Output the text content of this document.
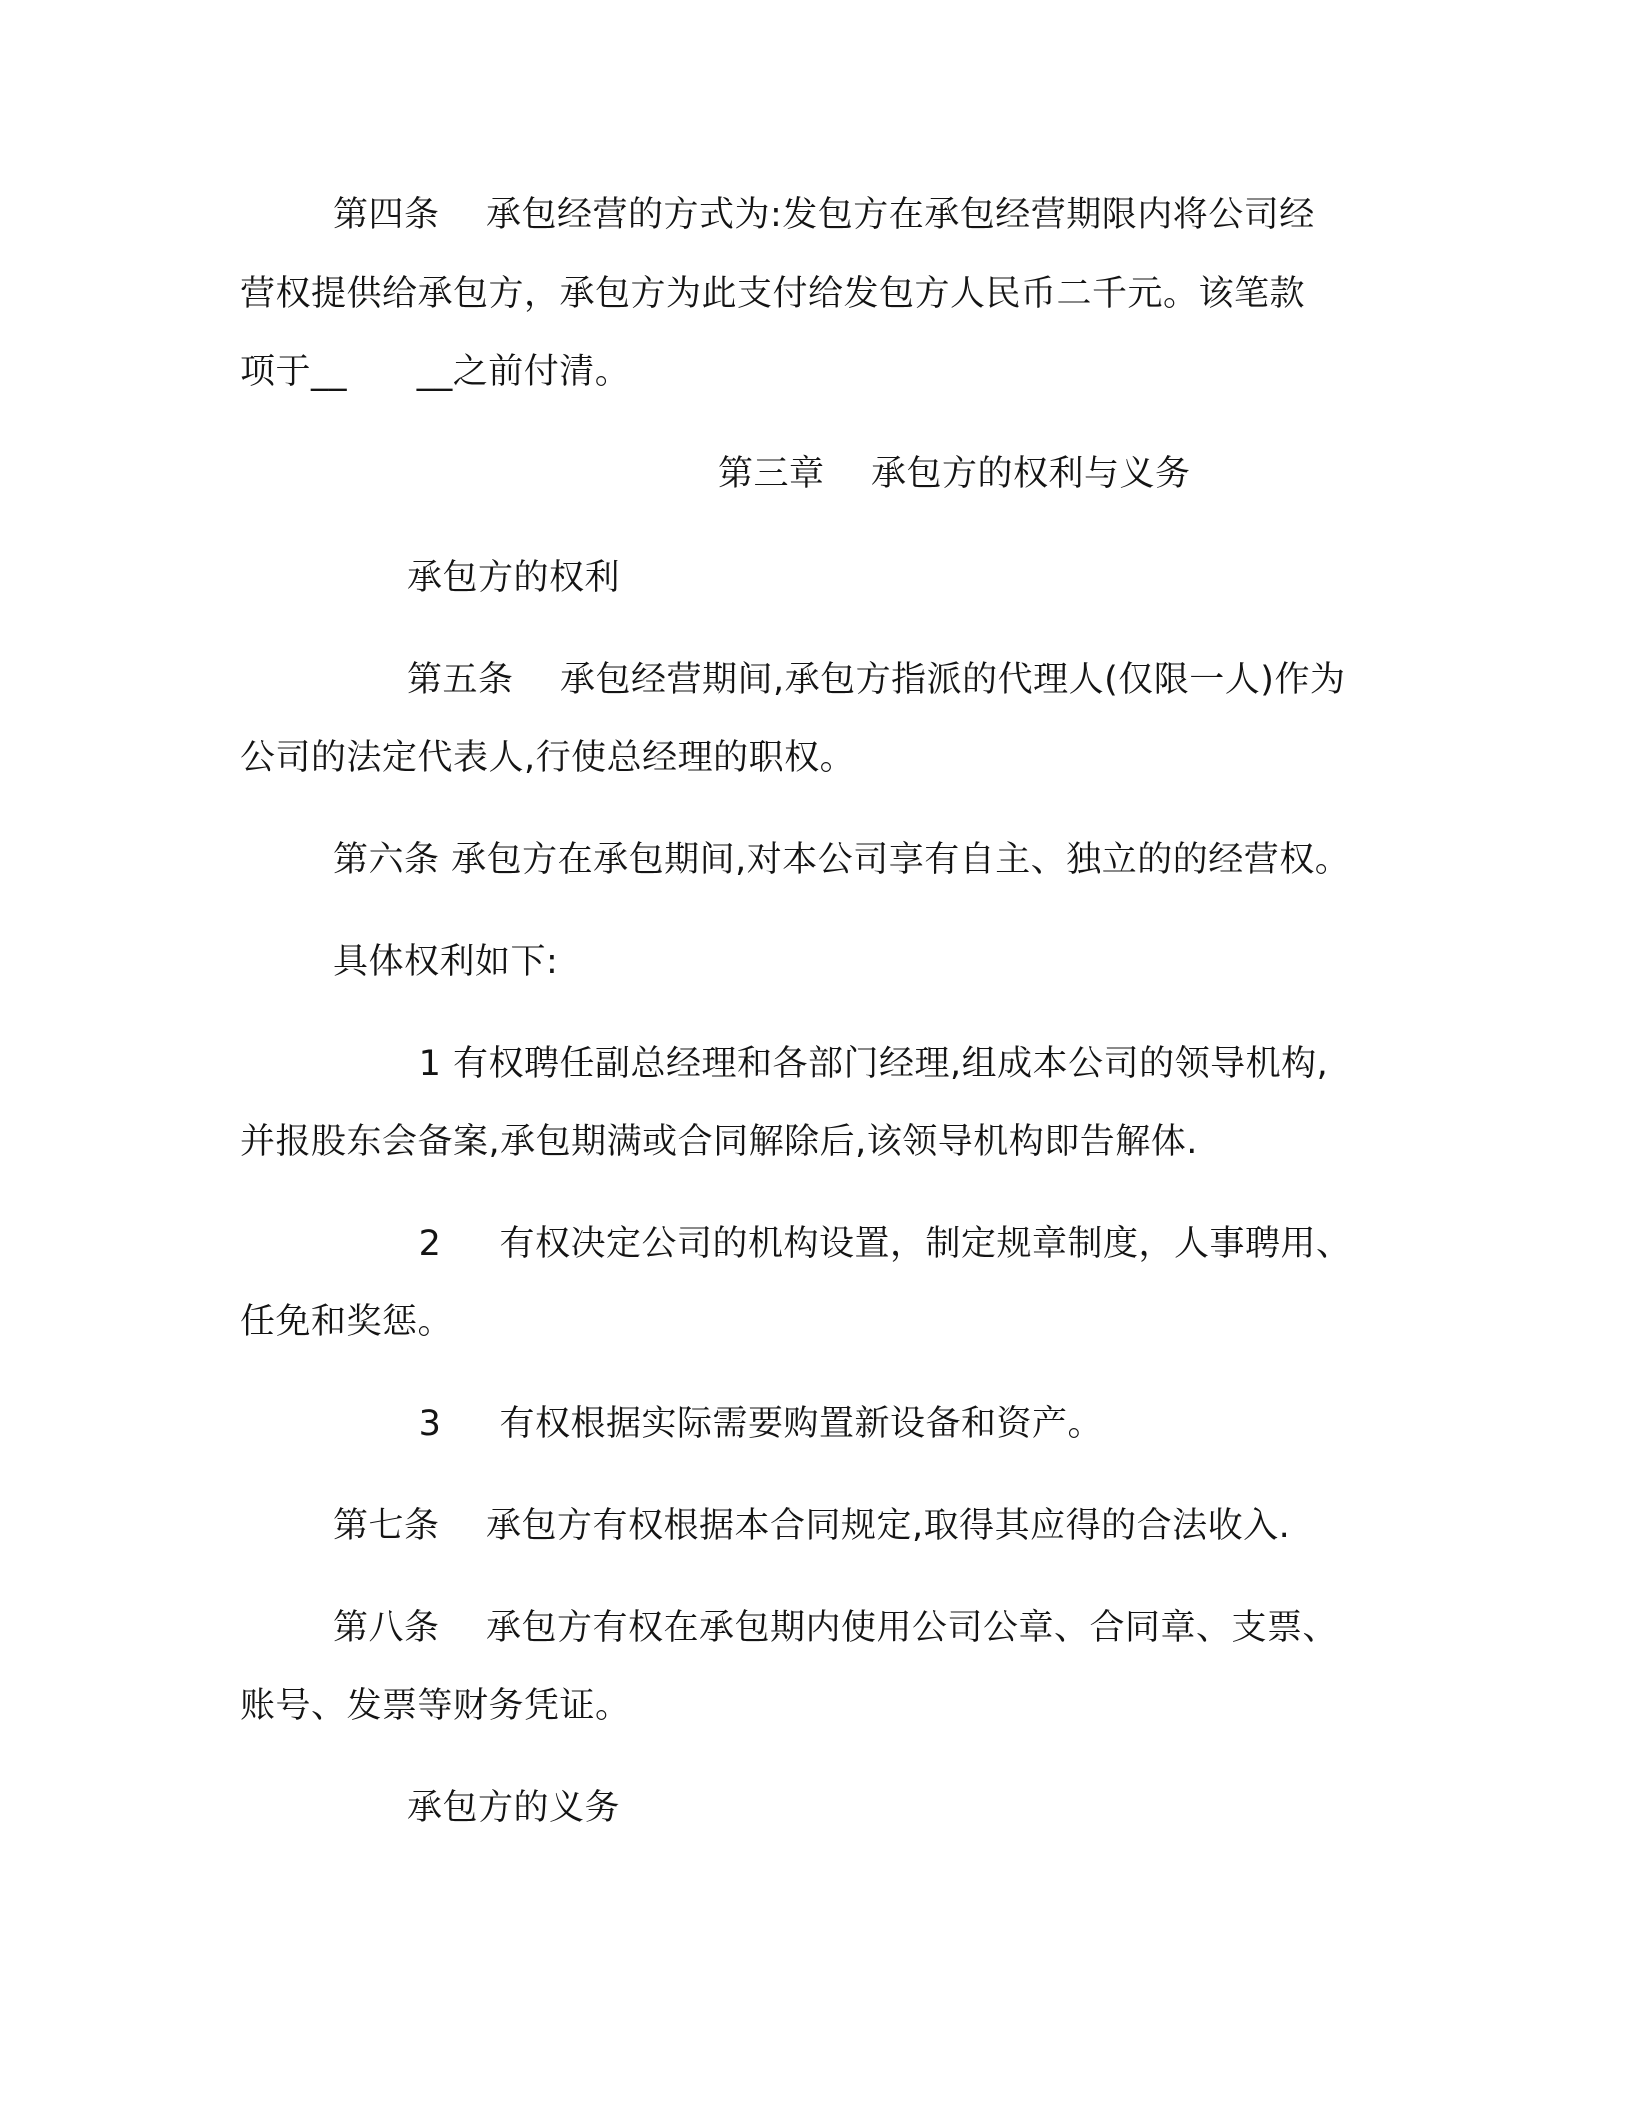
第四条    承包经营的方式为:发包方在承包经营期限内将公司经
营权提供给承包方，承包方为此支付给发包方人民币二千元。该笔款
项于__      __之前付清。
第三章    承包方的权利与义务
承包方的权利
第五条    承包经营期间,承包方指派的代理人(仅限一人)作为
公司的法定代表人,行使总经理的职权。
第六条 承包方在承包期间,对本公司享有自主、独立的的经营权。
具体权利如下:
1 有权聘任副总经理和各部门经理,组成本公司的领导机构,
并报股东会备案,承包期满或合同解除后,该领导机构即告解体.
2     有权决定公司的机构设置，制定规章制度，人事聘用、
任免和奖惩。
3     有权根据实际需要购置新设备和资产。
第七条    承包方有权根据本合同规定,取得其应得的合法收入.
第八条    承包方有权在承包期内使用公司公章、合同章、支票、
账号、发票等财务凭证。
承包方的义务
